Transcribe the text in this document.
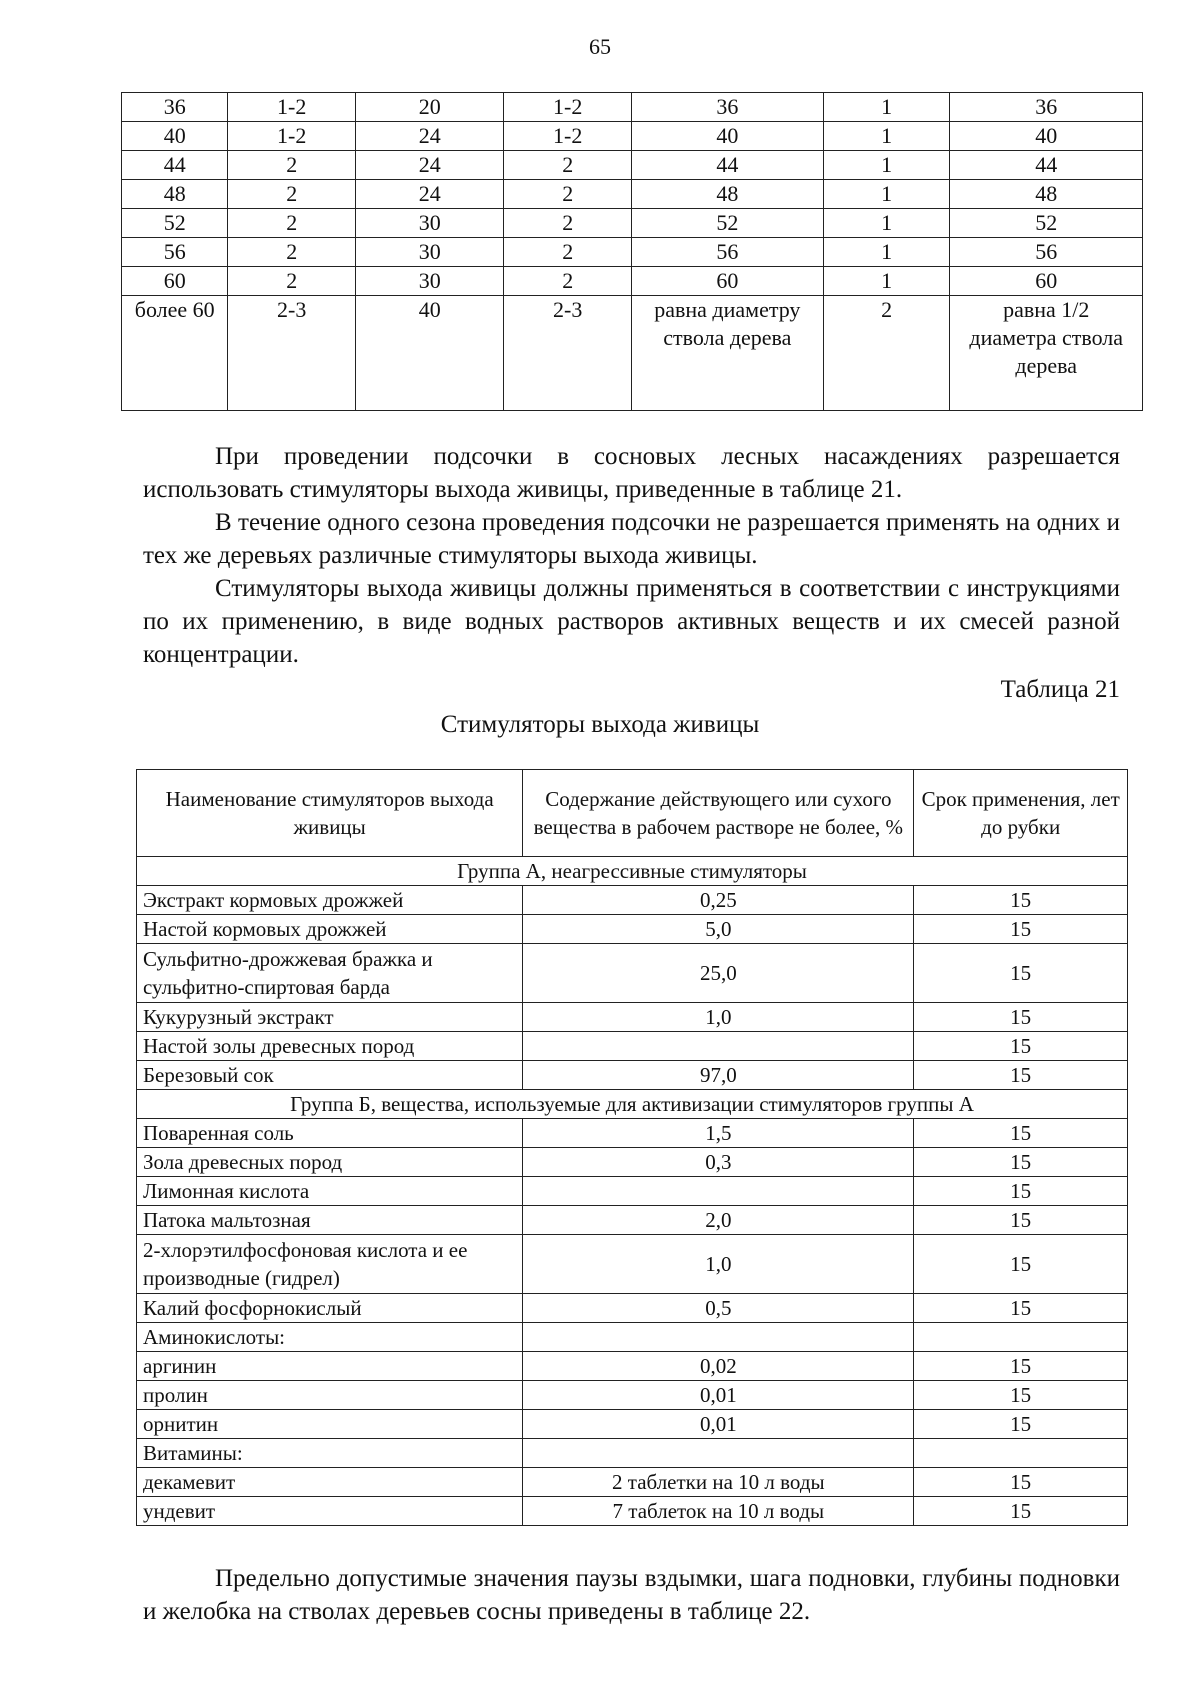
65
36	1-2	20	1-2	36	1	36
40	1-2	24	1-2	40	1	40
44	2	24	2	44	1	44
48	2	24	2	48	1	48
52	2	30	2	52	1	52
56	2	30	2	56	1	56
60	2	30	2	60	1	60
более 60	2-3	40	2-3	равна диаметру ствола дерева	2	равна 1/2 диаметра ствола дерева

При проведении подсочки в сосновых лесных насаждениях разрешается использовать стимуляторы выхода живицы, приведенные в таблице 21.

В течение одного сезона проведения подсочки не разрешается применять на одних и тех же деревьях различные стимуляторы выхода живицы.

Стимуляторы выхода живицы должны применяться в соответствии с инструкциями по их применению, в виде водных растворов активных веществ и их смесей разной концентрации.

Таблица 21
Стимуляторы выхода живицы
Наименование стимуляторов выхода живицы	Содержание действующего или сухого вещества в рабочем растворе не более, %	Срок применения, лет до рубки
Группа А, неагрессивные стимуляторы		
Экстракт кормовых дрожжей	0,25	15
Настой кормовых дрожжей	5,0	15
Сульфитно-дрожжевая бражка и сульфитно-спиртовая барда	25,0	15
Кукурузный экстракт	1,0	15
Настой золы древесных пород		15
Березовый сок	97,0	15
Группа Б, вещества, используемые для активизации стимуляторов группы А		
Поваренная соль	1,5	15
Зола древесных пород	0,3	15
Лимонная кислота		15
Патока мальтозная	2,0	15
2-хлорэтилфосфоновая кислота и ее производные (гидрел)	1,0	15
Калий фосфорнокислый	0,5	15
Аминокислоты:		
аргинин	0,02	15
пролин	0,01	15
орнитин	0,01	15
Витамины:		
декамевит	2 таблетки на 10 л воды	15
ундевит	7 таблеток на 10 л воды	15

Предельно допустимые значения паузы вздымки, шага подновки, глубины подновки и желобка на стволах деревьев сосны приведены в таблице 22.
